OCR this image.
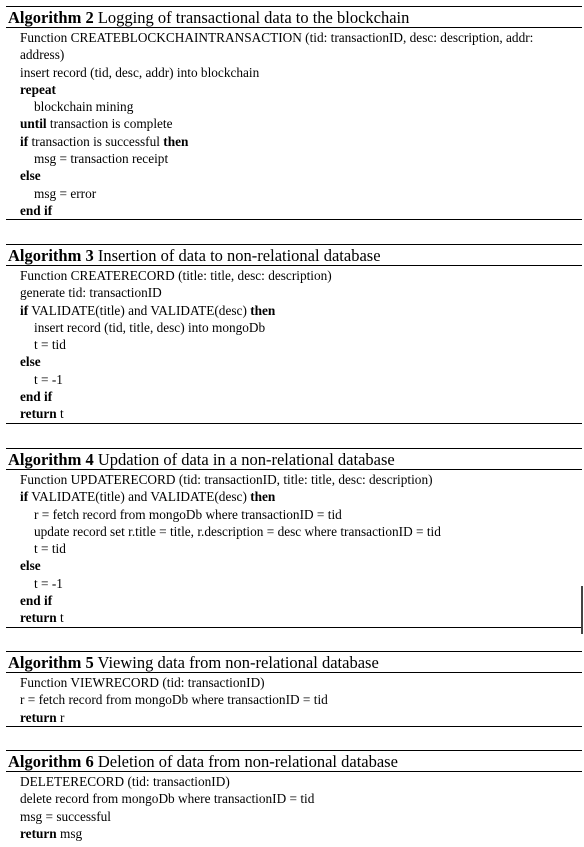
Algorithm 2 Logging of transactional data to the blockchain
Function CREATEBLOCKCHAINTRANSACTION (tid: transactionID, desc: description, addr:
address)
insert record (tid, desc, addr) into blockchain
repeat
blockchain mining
until transaction is complete
if transaction is successful then
msg = transaction receipt
else
msg = error
end if
Algorithm 3 Insertion of data to non-relational database
Function CREATERECORD (title: title, desc: description)
generate tid: transactionID
if VALIDATE(title) and VALIDATE(desc) then
insert record (tid, title, desc) into mongoDb
t = tid
else
t = -1
end if
return t
Algorithm 4 Updation of data in a non-relational database
Function UPDATERECORD (tid: transactionID, title: title, desc: description)
if VALIDATE(title) and VALIDATE(desc) then
r = fetch record from mongoDb where transactionID = tid
update record set r.title = title, r.description = desc where transactionID = tid
t = tid
else
t = -1
end if
return t
Algorithm 5 Viewing data from non-relational database
Function VIEWRECORD (tid: transactionID)
r = fetch record from mongoDb where transactionID = tid
return r
Algorithm 6 Deletion of data from non-relational database
DELETERECORD (tid: transactionID)
delete record from mongoDb where transactionID = tid
msg = successful
return msg
